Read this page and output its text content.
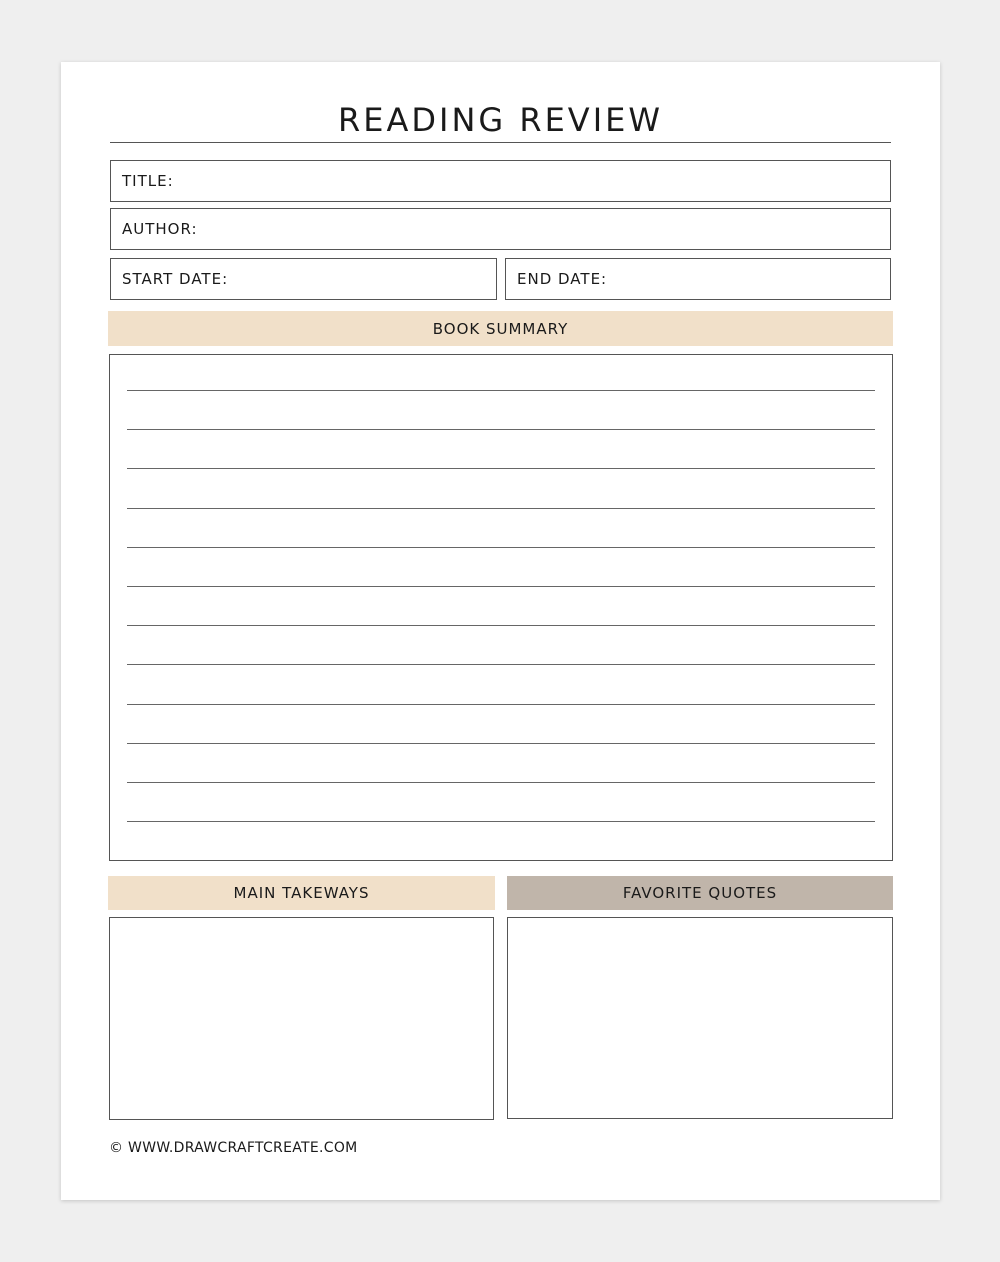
READING REVIEW
TITLE:
AUTHOR:
START DATE:	END DATE:
BOOK SUMMARY
MAIN TAKEWAYS	FAVORITE QUOTES
© WWW.DRAWCRAFTCREATE.COM
